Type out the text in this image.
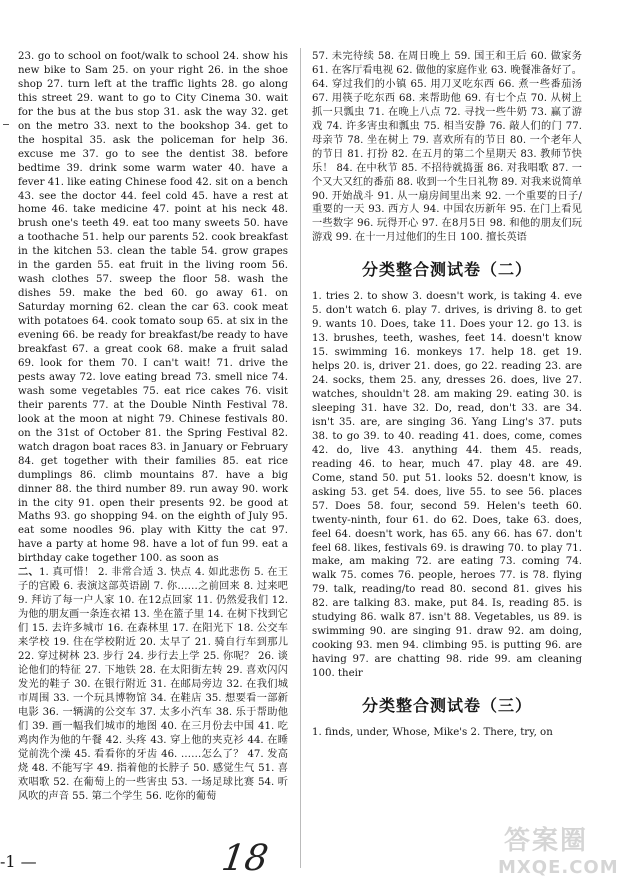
23. go to school on foot/walk to school 24. show his new bike to Sam 25. on your right 26. in the shoe shop 27. turn left at the traffic lights 28. go along this street 29. want to go to City Cinema 30. wait for the bus at the bus stop 31. ask the way 32. get on the metro 33. next to the bookshop 34. get to the hospital 35. ask the policeman for help 36. excuse me 37. go to see the dentist 38. before bedtime 39. drink some warm water 40. have a fever 41. like eating Chinese food 42. sit on a bench 43. see the doctor 44. feel cold 45. have a rest at home 46. take medicine 47. point at his neck 48. brush one's teeth 49. eat too many sweets 50. have a toothache 51. help our parents 52. cook breakfast in the kitchen 53. clean the table 54. grow grapes in the garden 55. eat fruit in the living room 56. wash clothes 57. sweep the floor 58. wash the dishes 59. make the bed 60. go away 61. on Saturday morning 62. clean the car 63. cook meat with potatoes 64. cook tomato soup 65. at six in the evening 66. be ready for breakfast/be ready to have breakfast 67. a great cook 68. make a fruit salad 69. look for them 70. I can't wait! 71. drive the pests away 72. love eating bread 73. smell nice 74. wash some vegetables 75. eat rice cakes 76. visit their parents 77. at the Double Ninth Festival 78. look at the moon at night 79. Chinese festivals 80. on the 31st of October 81. the Spring Festival 82. watch dragon boat races 83. in January or February 84. get together with their families 85. eat rice dumplings 86. climb mountains 87. have a big dinner 88. the third number 89. run away 90. work in the city 91. open their presents 92. be good at Maths 93. go shopping 94. on the eighth of July 95. eat some noodles 96. play with Kitty the cat 97. have a party at home 98. have a lot of fun 99. eat a birthday cake together 100. as soon as

二、1. 真可惜！ 2. 非常合适 3. 快点 4. 如此悲伤 5. 在王子的宫殿 6. 表演这部英语剧 7. 你……之前回来 8. 过来吧 9. 拜访了每一户人家 10. 在12点回家 11. 仍然爱我们 12. 为他的朋友画一条连衣裙 13. 坐在篮子里 14. 在树下找到它们 15. 去许多城市 16. 在森林里 17. 在阳光下 18. 公交车来学校 19. 住在学校附近 20. 太早了 21. 骑自行车到那儿 22. 穿过树林 23. 步行 24. 步行去上学 25. 你呢？ 26. 谈论他们的特征 27. 下地铁 28. 在太阳街左转 29. 喜欢闪闪发光的鞋子 30. 在银行附近 31. 在邮局旁边 32. 在我们城市周围 33. 一个玩具博物馆 34. 在鞋店 35. 想要看一部新电影 36. 一辆满的公交车 37. 太多小汽车 38. 乐于帮助他们 39. 画一幅我们城市的地图 40. 在三月份去中国 41. 吃鸡肉作为他的午餐 42. 头疼 43. 穿上他的夹克衫 44. 在睡觉前洗个澡 45. 看看你的牙齿 46. ……怎么了？ 47. 发高烧 48. 不能写字 49. 指着他的长脖子 50. 感觉生气 51. 喜欢唱歌 52. 在葡萄上的一些害虫 53. 一场足球比赛 54. 听风吹的声音 55. 第二个学生 56. 吃你的葡萄

57. 未完待续 58. 在周日晚上 59. 国王和王后 60. 做家务 61. 在客厅看电视 62. 做他的家庭作业 63. 晚餐准备好了。 64. 穿过我们的小镇 65. 用刀叉吃东西 66. 煮一些番茄汤 67. 用筷子吃东西 68. 来帮助他 69. 有七个点 70. 从树上抓一只瓢虫 71. 在晚上八点 72. 寻找一些牛奶 73. 赢了游戏 74. 许多害虫和瓢虫 75. 相当安静 76. 敲人们的门 77. 母亲节 78. 坐在树上 79. 喜欢所有的节日 80. 一个老年人的节日 81. 打扮 82. 在五月的第二个星期天 83. 教师节快乐！ 84. 在中秋节 85. 不招待就捣蛋 86. 对我唱歌 87. 一个又大又红的番茄 88. 收到一个生日礼物 89. 对我来说简单 90. 开始战斗 91. 从一扇房间里出来 92. 一个重要的日子/重要的一天 93. 西方人 94. 中国农历新年 95. 在门上看见一些数字 96. 玩得开心 97. 在8月5日 98. 和他的朋友们玩游戏 99. 在十一月过他们的生日 100. 擅长英语

分类整合测试卷（二）

1. tries 2. to show 3. doesn't work, is taking 4. eve 5. don't watch 6. play 7. drives, is driving 8. to get 9. wants 10. Does, take 11. Does your 12. go 13. is 13. brushes, teeth, washes, feet 14. doesn't know 15. swimming 16. monkeys 17. help 18. get 19. helps 20. is, driver 21. does, go 22. reading 23. are 24. socks, them 25. any, dresses 26. does, live 27. watches, shouldn't 28. am making 29. eating 30. is sleeping 31. have 32. Do, read, don't 33. are 34. isn't 35. are, are singing 36. Yang Ling's 37. puts 38. to go 39. to 40. reading 41. does, come, comes 42. do, live 43. anything 44. them 45. reads, reading 46. to hear, much 47. play 48. are 49. Come, stand 50. put 51. looks 52. doesn't know, is asking 53. get 54. does, live 55. to see 56. places 57. Does 58. four, second 59. Helen's teeth 60. twenty-ninth, four 61. do 62. Does, take 63. does, feel 64. doesn't work, has 65. any 66. has 67. don't feel 68. likes, festivals 69. is drawing 70. to play 71. make, am making 72. are eating 73. coming 74. walk 75. comes 76. people, heroes 77. is 78. flying 79. talk, reading/to read 80. second 81. gives his 82. are talking 83. make, put 84. Is, reading 85. is studying 86. walk 87. isn't 88. Vegetables, us 89. is swimming 90. are singing 91. draw 92. am doing, cooking 93. men 94. climbing 95. is putting 96. are having 97. are chatting 98. ride 99. am cleaning 100. their

分类整合测试卷（三）

1. finds, under, Whose, Mike's 2. There, try, on

-1 —	18	答案圈
MXQE.COM
